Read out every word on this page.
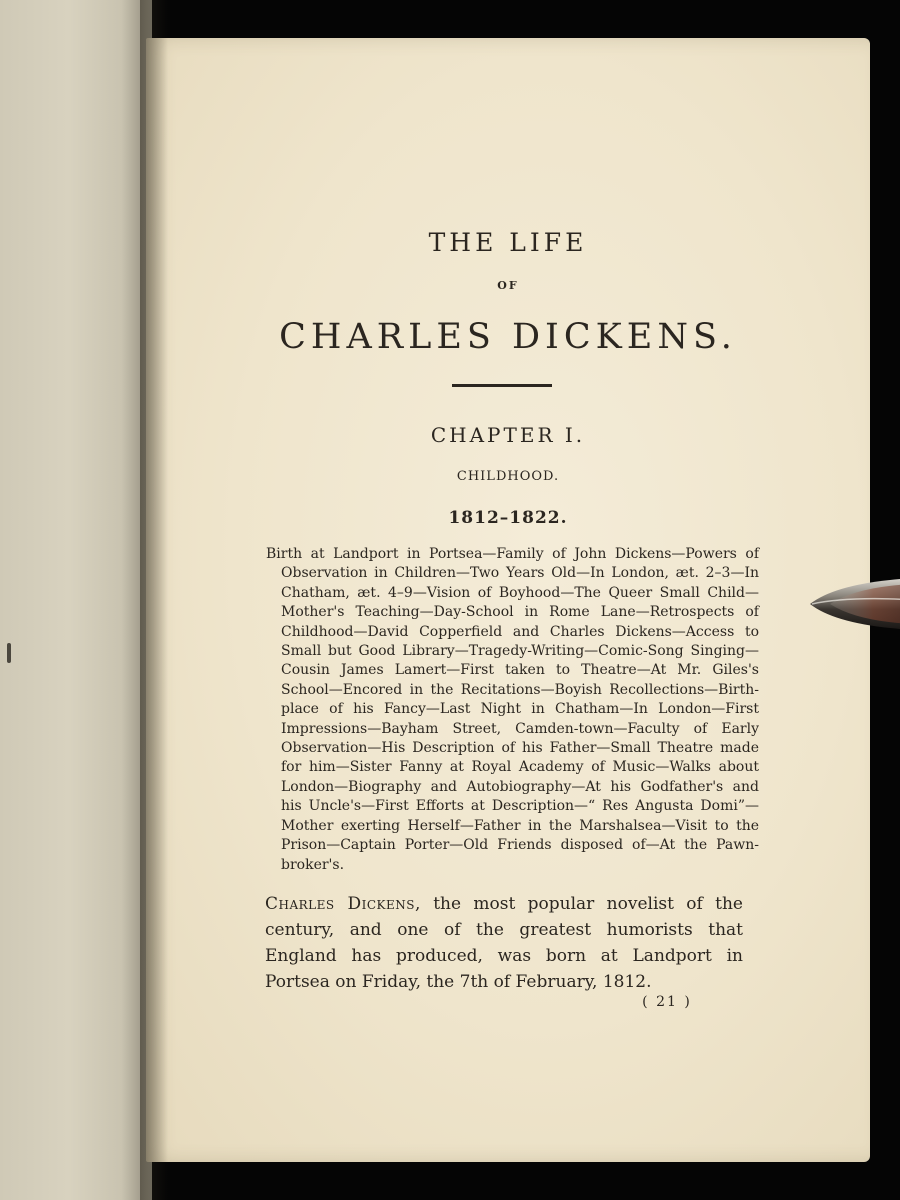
THE LIFE
OF
CHARLES DICKENS.
CHAPTER I.
CHILDHOOD.
1812–1822.

Birth at Landport in Portsea—Family of John Dickens—Powers of Observation in Children—Two Years Old—In London, æt. 2–3—In Chatham, æt. 4–9—Vision of Boyhood—The Queer Small Child—Mother's Teaching—Day-School in Rome Lane—Retrospects of Childhood—David Copperfield and Charles Dickens—Access to Small but Good Library—Tragedy-Writing—Comic-Song Singing—Cousin James Lamert—First taken to Theatre—At Mr. Giles's School—Encored in the Recitations—Boyish Recollections—Birth-place of his Fancy—Last Night in Chatham—In London—First Impressions—Bayham Street, Camden-town—Faculty of Early Observation—His Description of his Father—Small Theatre made for him—Sister Fanny at Royal Academy of Music—Walks about London—Biography and Autobiography—At his Godfather's and his Uncle's—First Efforts at Description—“ Res Angusta Domi”—Mother exerting Herself—Father in the Marshalsea—Visit to the Prison—Captain Porter—Old Friends disposed of—At the Pawn-broker's.

Charles Dickens, the most popular novelist of the century, and one of the greatest humorists that England has produced, was born at Landport in Portsea on Friday, the 7th of February, 1812.

( 21 )
